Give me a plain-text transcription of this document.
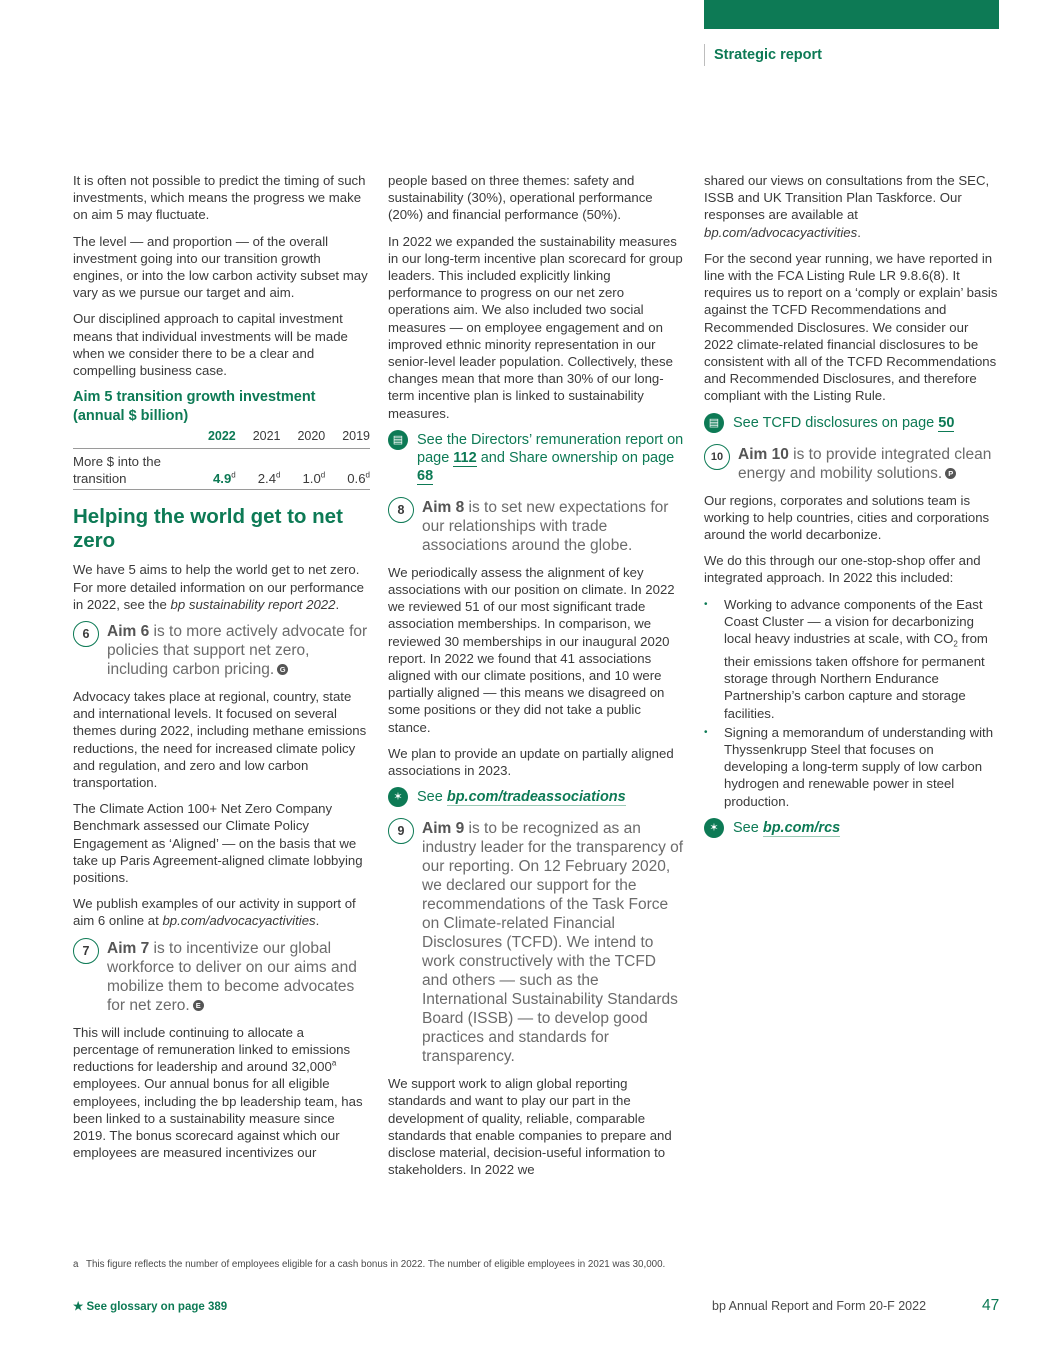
Strategic report

It is often not possible to predict the timing of such investments, which means the progress we make on aim 5 may fluctuate.

The level — and proportion — of the overall investment going into our transition growth engines, or into the low carbon activity subset may vary as we pursue our target and aim.

Our disciplined approach to capital investment means that individual investments will be made when we consider there to be a clear and compelling business case.

Aim 5 transition growth investment (annual $ billion)
	2022	2021	2020	2019
More $ into the transition	4.9$^d$	2.4$^d$	1.0$^d$	0.6$^d$
Helping the world get to net zero

We have 5 aims to help the world get to net zero. For more detailed information on our performance in 2022, see the bp sustainability report 2022.

6	Aim 6 is to more actively advocate for policies that support net zero, including carbon pricing. G

Advocacy takes place at regional, country, state and international levels. It focused on several themes during 2022, including methane emissions reductions, the need for increased climate policy and regulation, and zero and low carbon transportation.

The Climate Action 100+ Net Zero Company Benchmark assessed our Climate Policy Engagement as ‘Aligned’ — on the basis that we take up Paris Agreement-aligned climate lobbying positions.

We publish examples of our activity in support of aim 6 online at bp.com/advocacyactivities.

7	Aim 7 is to incentivize our global workforce to deliver on our aims and mobilize them to become advocates for net zero. E

This will include continuing to allocate a percentage of remuneration linked to emissions reductions for leadership and around 32,000$^a$ employees. Our annual bonus for all eligible employees, including the bp leadership team, has been linked to a sustainability measure since 2019. The bonus scorecard against which our employees are measured incentivizes our

people based on three themes: safety and sustainability (30%), operational performance (20%) and financial performance (50%).

In 2022 we expanded the sustainability measures in our long-term incentive plan scorecard for group leaders. This included explicitly linking performance to progress on our net zero operations aim. We also included two social measures — on employee engagement and on improved ethnic minority representation in our senior-level leader population. Collectively, these changes mean that more than 30% of our long-term incentive plan is linked to sustainability measures.

▤ See the Directors’ remuneration report on page 112 and Share ownership on page 68
8	Aim 8 is to set new expectations for our relationships with trade associations around the globe.

We periodically assess the alignment of key associations with our position on climate. In 2022 we reviewed 51 of our most significant trade association memberships. In comparison, we reviewed 30 memberships in our inaugural 2020 report. In 2022 we found that 41 associations aligned with our climate positions, and 10 were partially aligned — this means we disagreed on some positions or they did not take a public stance.

We plan to provide an update on partially aligned associations in 2023.

✶ See bp.com/tradeassociations
9	Aim 9 is to be recognized as an industry leader for the transparency of our reporting. On 12 February 2020, we declared our support for the recommendations of the Task Force on Climate-related Financial Disclosures (TCFD). We intend to work constructively with the TCFD and others — such as the International Sustainability Standards Board (ISSB) — to develop good practices and standards for transparency.

We support work to align global reporting standards and want to play our part in the development of quality, reliable, comparable standards that enable companies to prepare and disclose material, decision-useful information to stakeholders. In 2022 we

shared our views on consultations from the SEC, ISSB and UK Transition Plan Taskforce. Our responses are available at bp.com/advocacyactivities.

For the second year running, we have reported in line with the FCA Listing Rule LR 9.8.6(8). It requires us to report on a ‘comply or explain’ basis against the TCFD Recommendations and Recommended Disclosures. We consider our 2022 climate-related financial disclosures to be consistent with all of the TCFD Recommendations and Recommended Disclosures, and therefore compliant with the Listing Rule.

▤ See TCFD disclosures on page 50
10 Aim 10 is to provide integrated clean energy and mobility solutions. P

Our regions, corporates and solutions team is working to help countries, cities and corporations around the world decarbonize.

We do this through our one-stop-shop offer and integrated approach. In 2022 this included:

• Working to advance components of the East Coast Cluster — a vision for decarbonizing local heavy industries at scale, with $CO_2$ from their emissions taken offshore for permanent storage through Northern Endurance Partnership’s carbon capture and storage facilities.
• Signing a memorandum of understanding with Thyssenkrupp Steel that focuses on developing a long-term supply of low carbon hydrogen and renewable power in steel production.
✶ See bp.com/rcs
a This figure reflects the number of employees eligible for a cash bonus in 2022. The number of eligible employees in 2021 was 30,000.
★ See glossary on page 389	bp Annual Report and Form 20-F 2022	47
